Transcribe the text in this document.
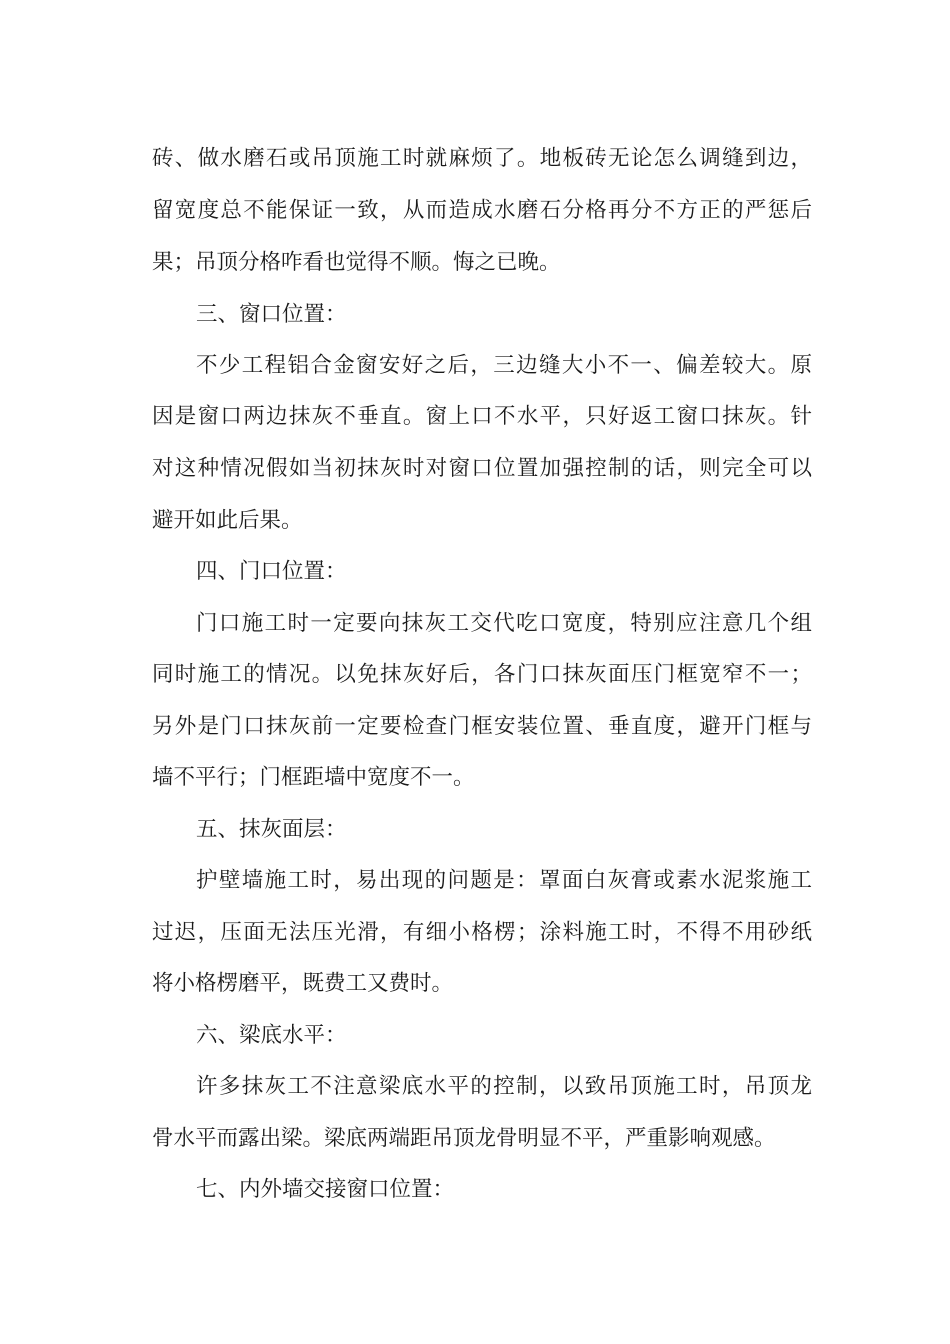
砖、做水磨石或吊顶施工时就麻烦了。地板砖无论怎么调缝到边，
留宽度总不能保证一致，从而造成水磨石分格再分不方正的严惩后
果；吊顶分格咋看也觉得不顺。悔之已晚。
三、窗口位置：
不少工程铝合金窗安好之后，三边缝大小不一、偏差较大。原
因是窗口两边抹灰不垂直。窗上口不水平，只好返工窗口抹灰。针
对这种情况假如当初抹灰时对窗口位置加强控制的话，则完全可以
避开如此后果。
四、门口位置：
门口施工时一定要向抹灰工交代吃口宽度，特别应注意几个组
同时施工的情况。以免抹灰好后，各门口抹灰面压门框宽窄不一；
另外是门口抹灰前一定要检查门框安装位置、垂直度，避开门框与
墙不平行；门框距墙中宽度不一。
五、抹灰面层：
护壁墙施工时，易出现的问题是：罩面白灰膏或素水泥浆施工
过迟，压面无法压光滑，有细小格楞；涂料施工时，不得不用砂纸
将小格楞磨平，既费工又费时。
六、梁底水平：
许多抹灰工不注意梁底水平的控制，以致吊顶施工时，吊顶龙
骨水平而露出梁。梁底两端距吊顶龙骨明显不平，严重影响观感。
七、内外墙交接窗口位置：
